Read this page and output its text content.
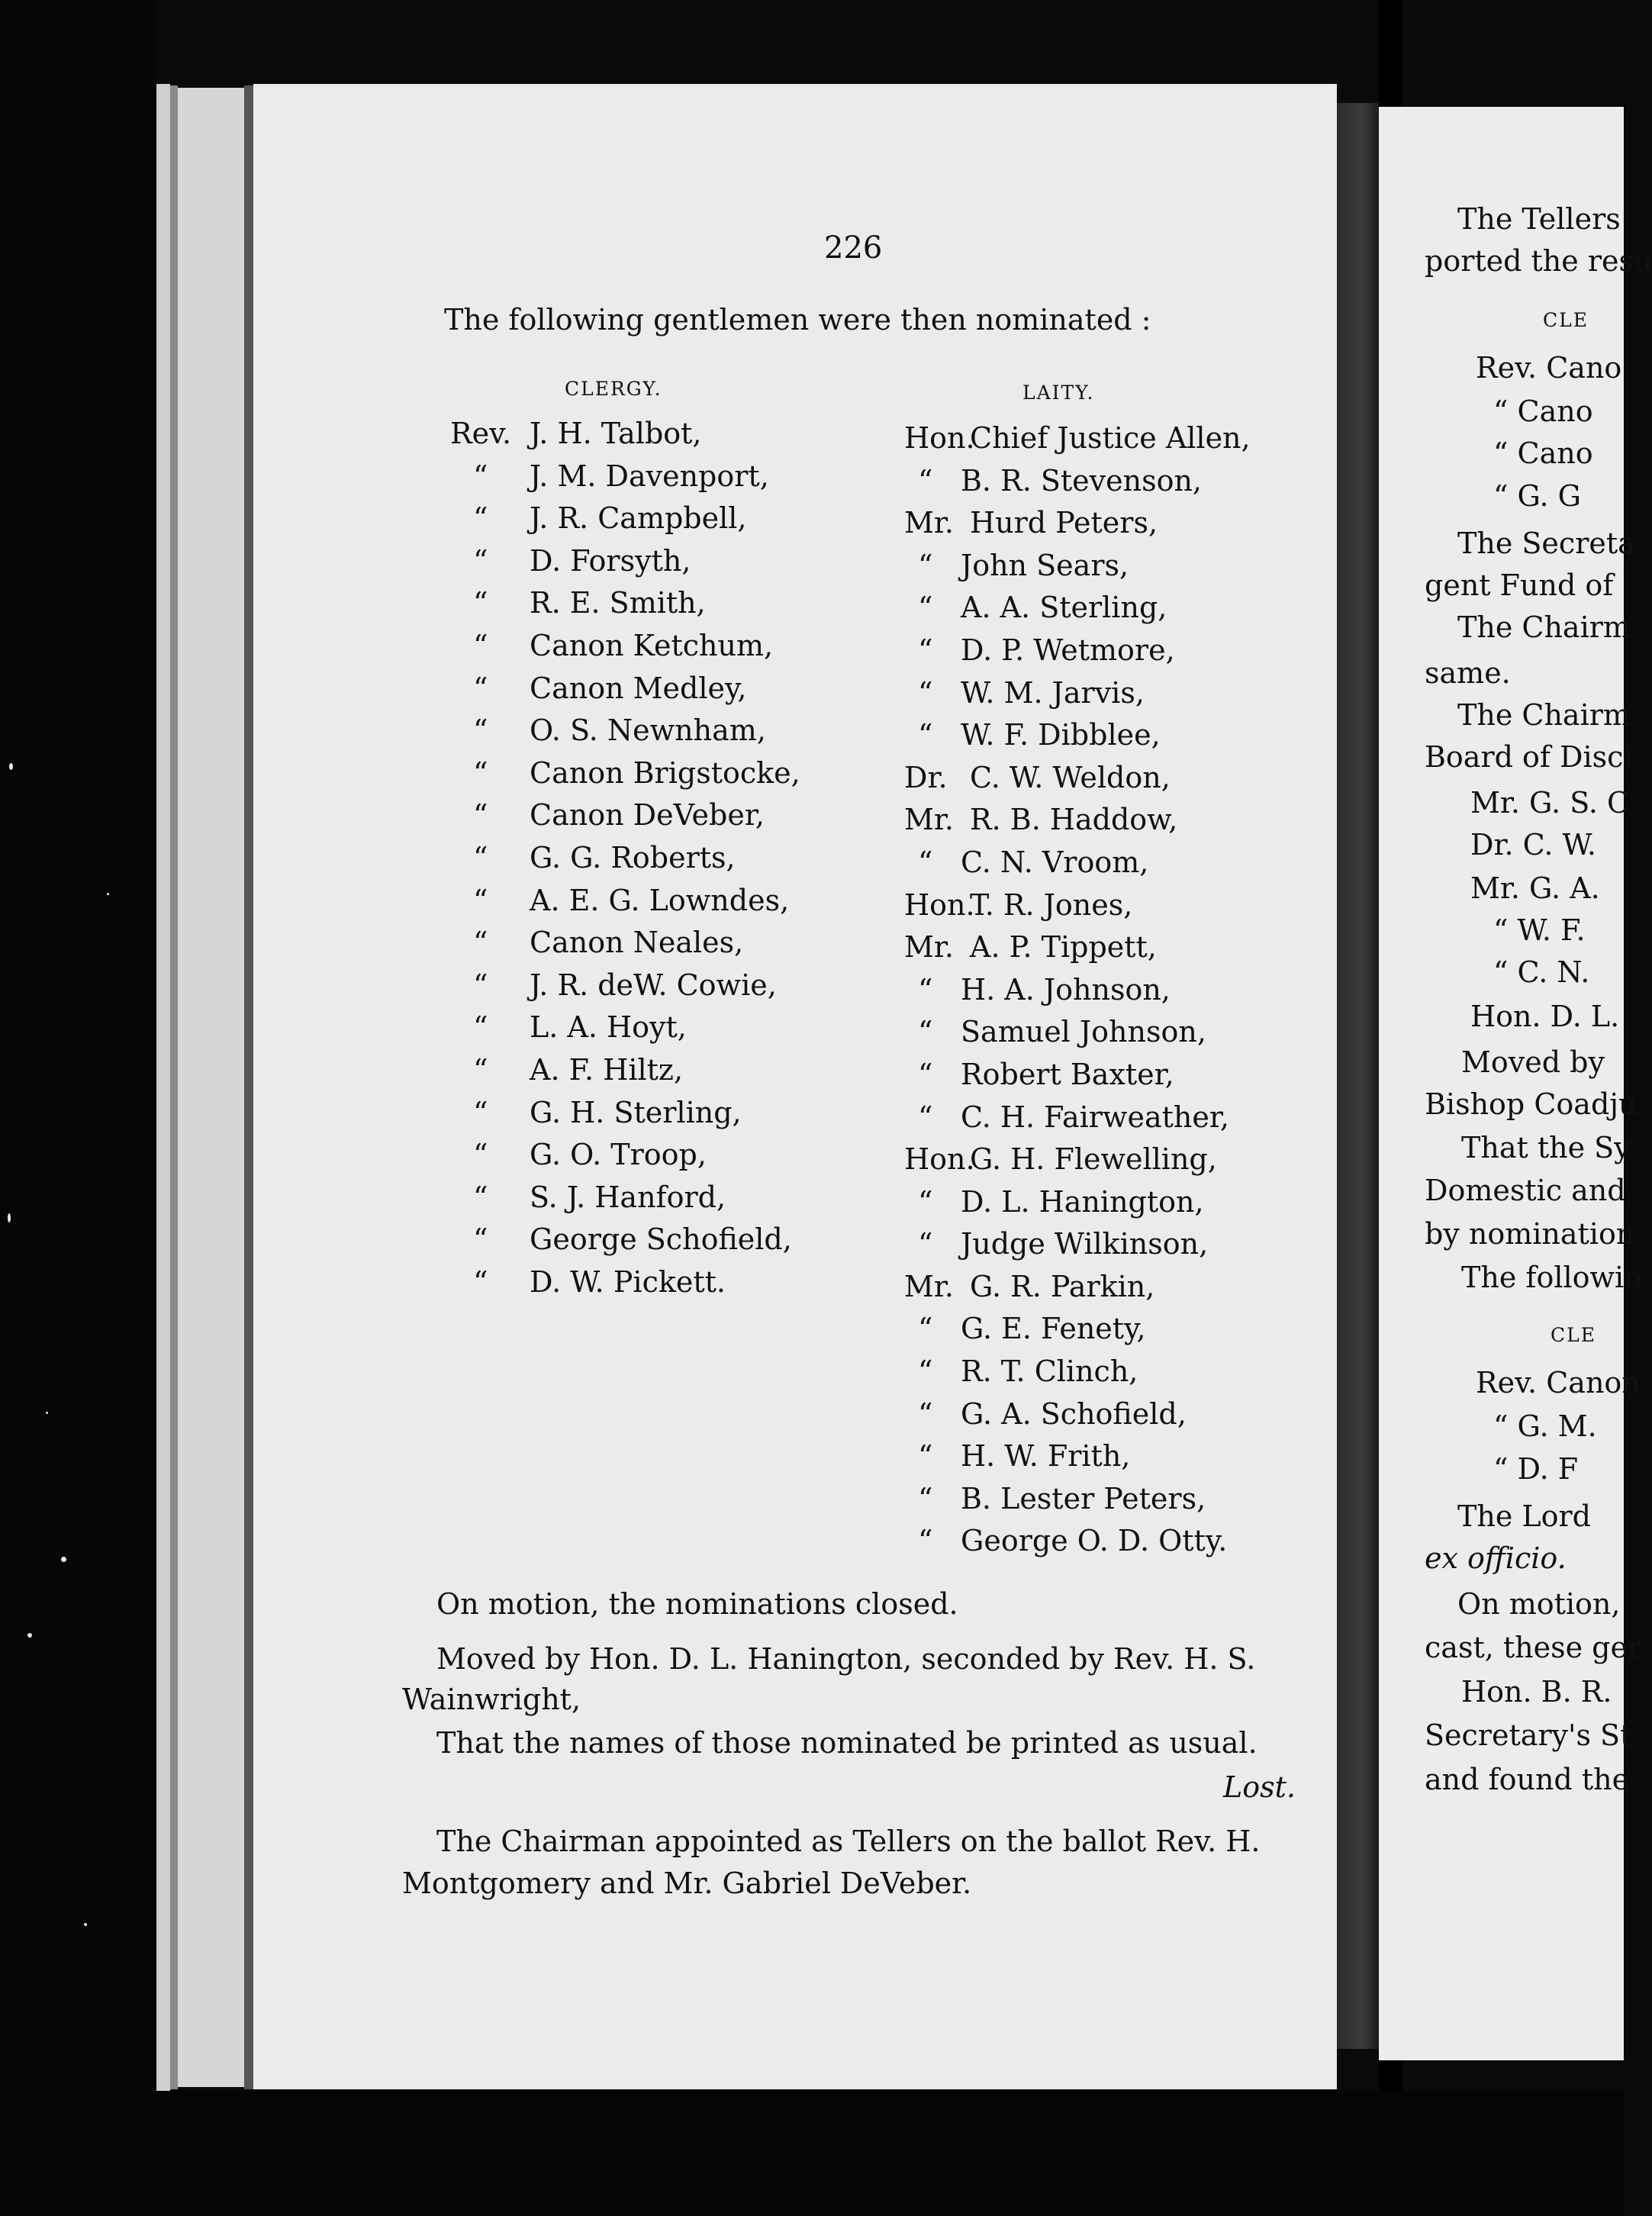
The Tellers
ported the resu
CLE
Rev. Cano
“ Cano
“ Cano
“ G. G
The Secreta
gent Fund of
The Chairm
same.
The Chairm
Board of Disci
Mr. G. S. C
Dr. C. W.
Mr. G. A.
“ W. F.
“ C. N.
Hon. D. L.
Moved by
Bishop Coadju
That the Sy
Domestic and
by nomination
The followin
CLE
Rev. Canon
“ G. M.
“ D. F
The Lord
ex officio.
On motion,
cast, these ger
Hon. B. R.
Secretary's St
and found the
226
The following gentlemen were then nominated :
CLERGY.	LAITY.
Rev. J. H. Talbot,
“ J. M. Davenport,
“ J. R. Campbell,
“ D. Forsyth,
“ R. E. Smith,
“ Canon Ketchum,
“ Canon Medley,
“ O. S. Newnham,
“ Canon Brigstocke,
“ Canon DeVeber,
“ G. G. Roberts,
“ A. E. G. Lowndes,
“ Canon Neales,
“ J. R. deW. Cowie,
“ L. A. Hoyt,
“ A. F. Hiltz,
“ G. H. Sterling,
“ G. O. Troop,
“ S. J. Hanford,
“ George Schofield,
“ D. W. Pickett.
Hon.Chief Justice Allen,
“ B. R. Stevenson,
Mr. Hurd Peters,
“ John Sears,
“ A. A. Sterling,
“ D. P. Wetmore,
“ W. M. Jarvis,
“ W. F. Dibblee,
Dr. C. W. Weldon,
Mr. R. B. Haddow,
“ C. N. Vroom,
Hon.T. R. Jones,
Mr. A. P. Tippett,
“ H. A. Johnson,
“ Samuel Johnson,
“ Robert Baxter,
“ C. H. Fairweather,
Hon.G. H. Flewelling,
“ D. L. Hanington,
“ Judge Wilkinson,
Mr. G. R. Parkin,
“ G. E. Fenety,
“ R. T. Clinch,
“ G. A. Schofield,
“ H. W. Frith,
“ B. Lester Peters,
“ George O. D. Otty.
On motion, the nominations closed.
Moved by Hon. D. L. Hanington, seconded by Rev. H. S.
Wainwright,
That the names of those nominated be printed as usual.
Lost.
The Chairman appointed as Tellers on the ballot Rev. H.
Montgomery and Mr. Gabriel DeVeber.
